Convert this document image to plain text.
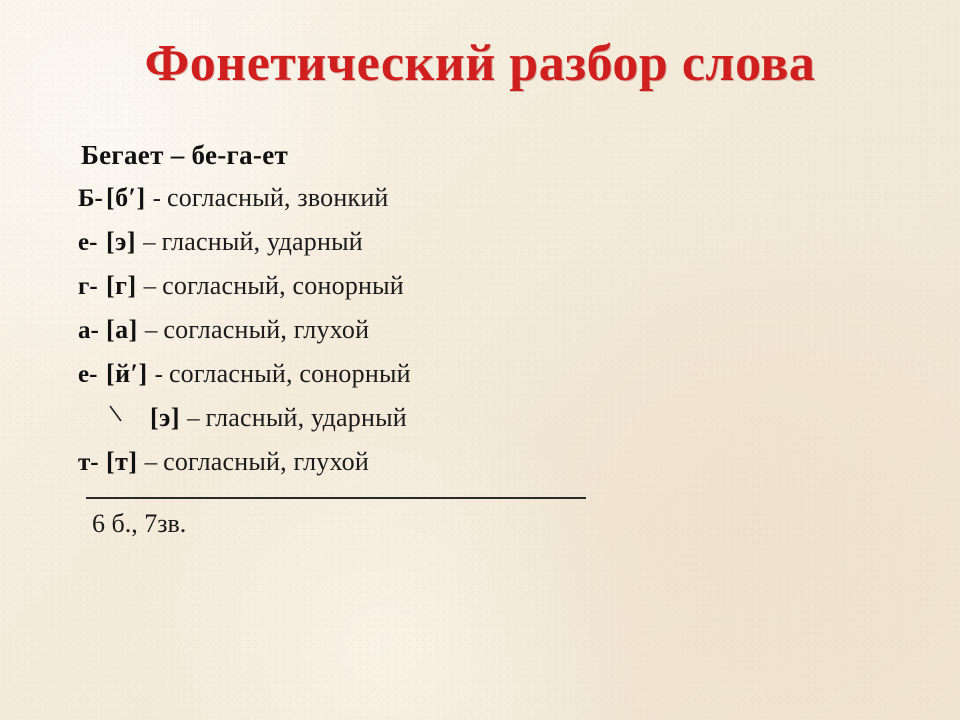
Фонетический разбор слова
Бегает – бе-га-ет
Б- [б′] - согласный, звонкий
е- [э] – гласный, ударный
г- [г] – согласный, сонорный
а- [а] – согласный, глухой
е- [й′] - согласный, сонорный
[э] – гласный, ударный
т- [т] – согласный, глухой
6 б., 7зв.
